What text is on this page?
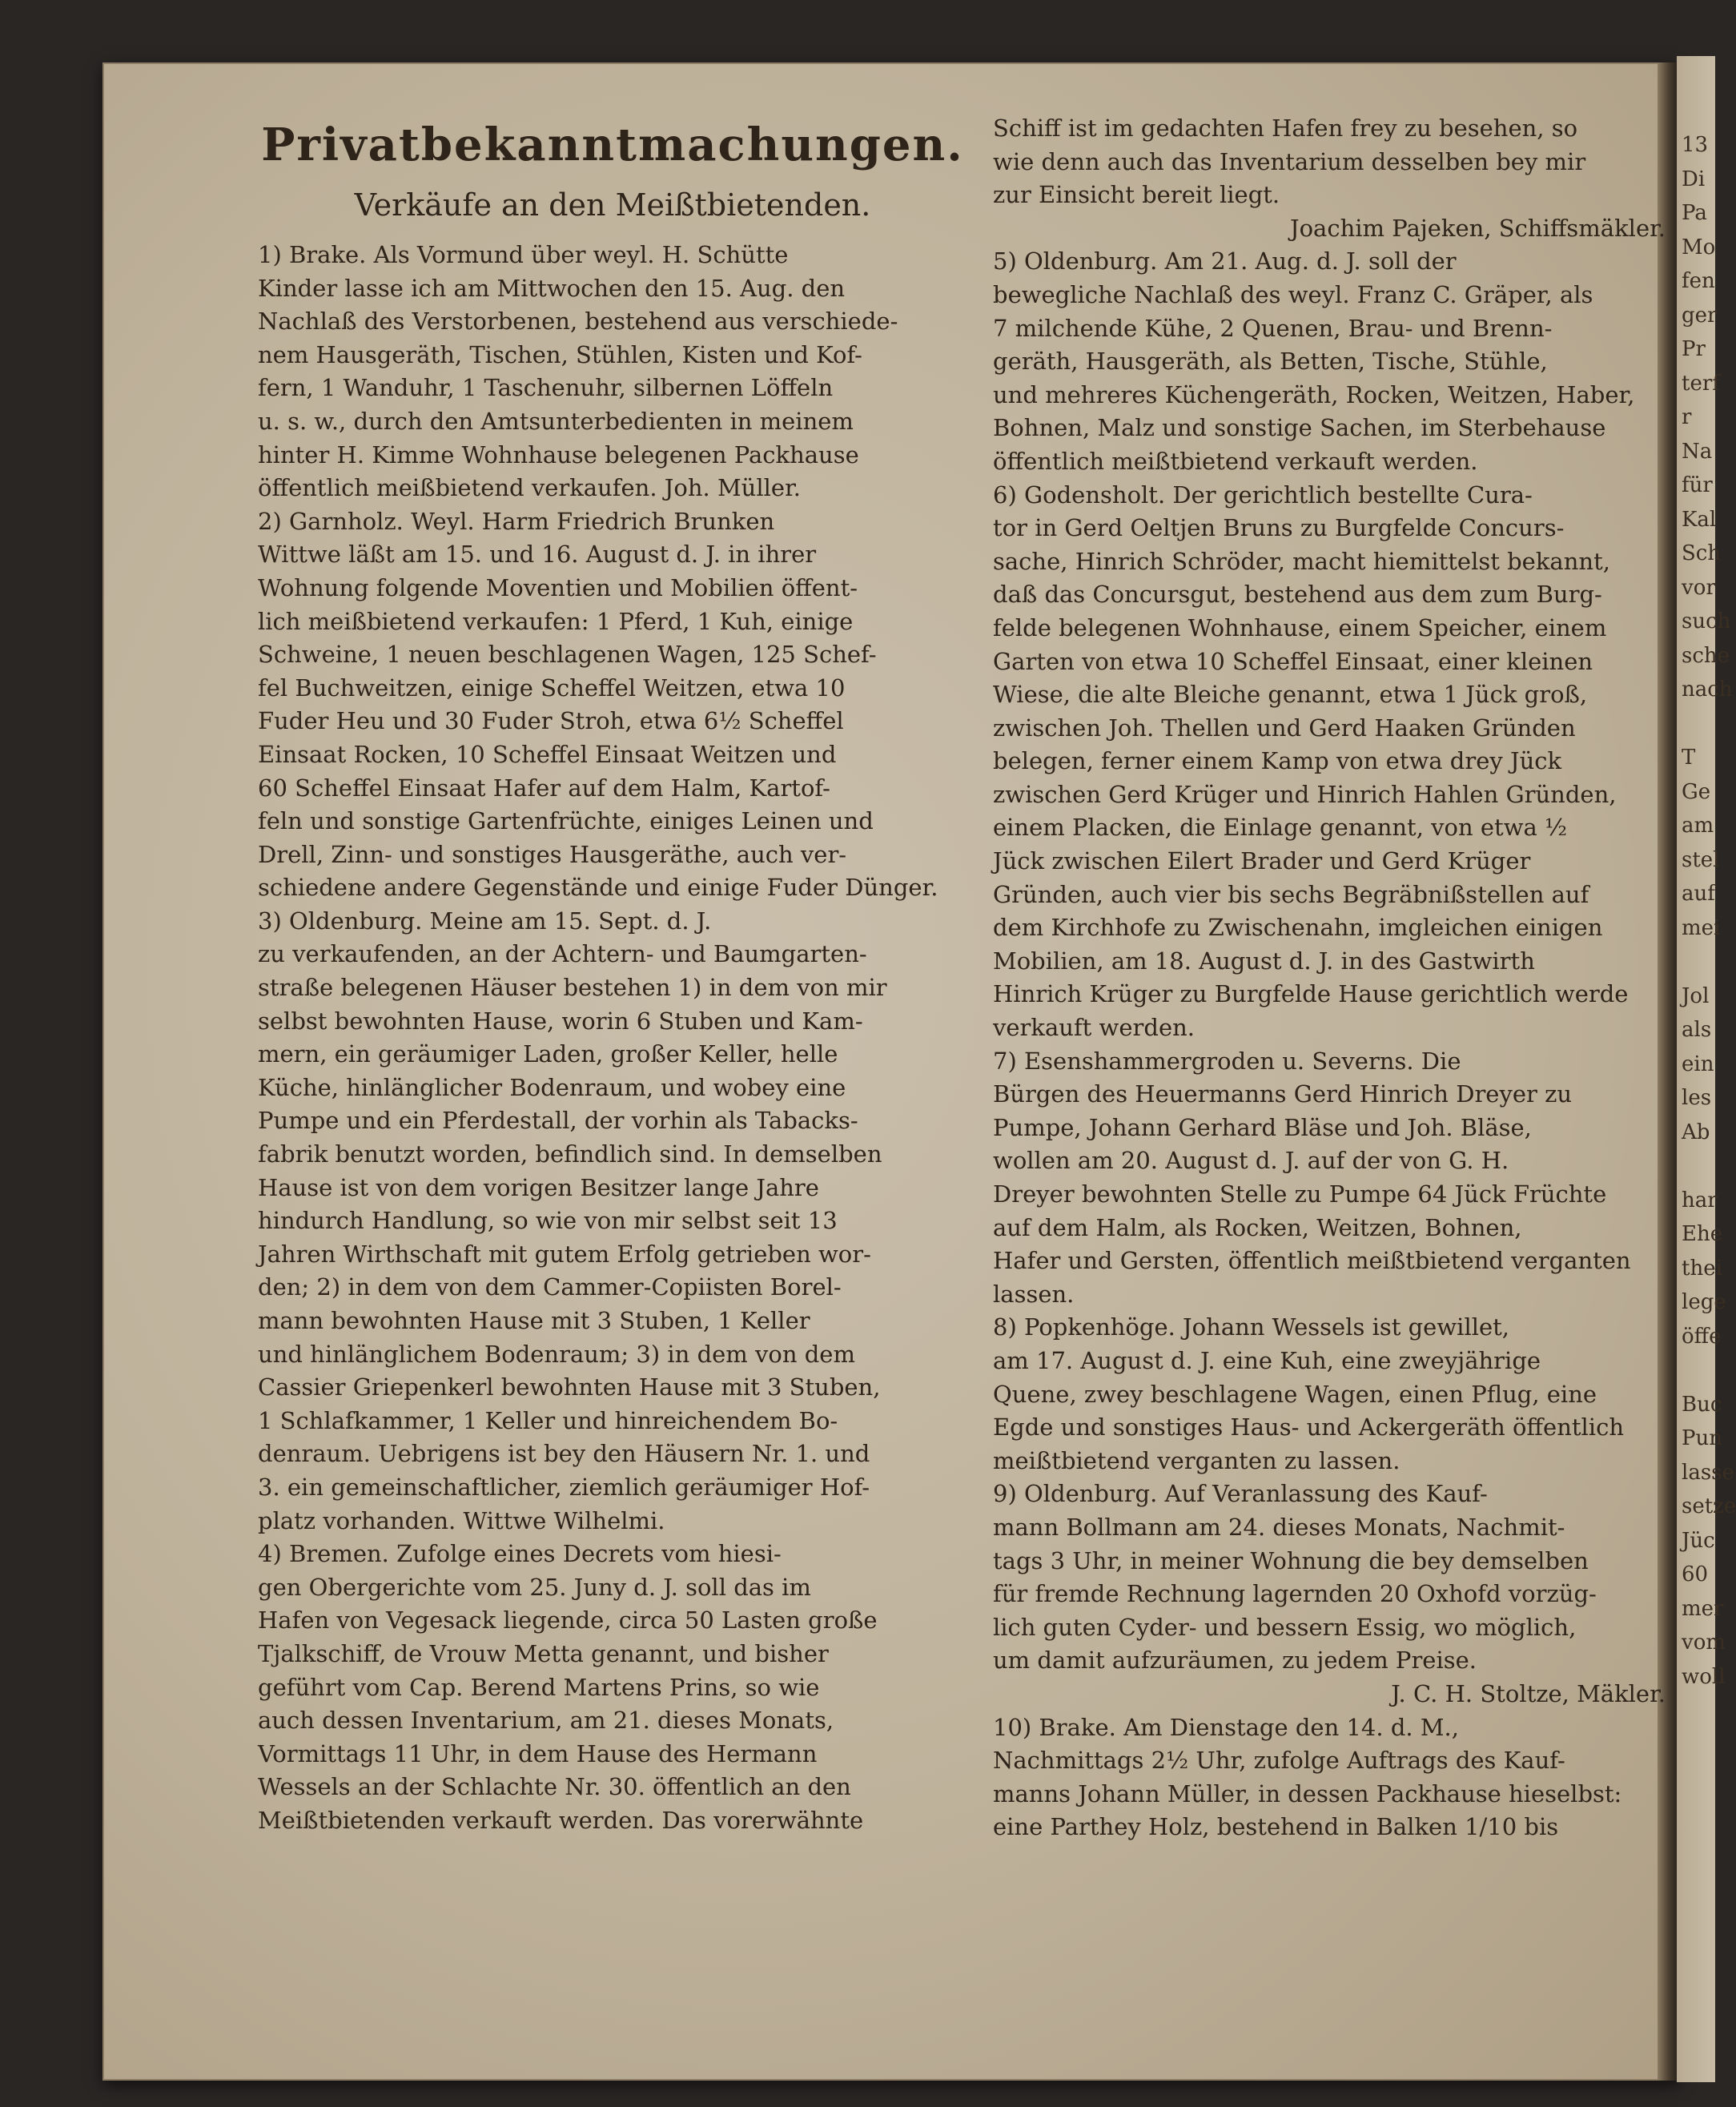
13
Di
Pa
Mo
fen
ger
Pr
terf
r
Na
für
Kal
Sch
vor
such
sche
nach

T
Ge
am
stel
auf
mei

Jol
als
ein
les
Ab

har
Ehe
thei
lege
öffe

Buc
Pun
lasse
setze
Jüc
60
mer
vom
woll
Privatbekanntmachungen.
Verkäufe an den Meißtbietenden.
1) Brake. Als Vormund über weyl. H. Schütte
Kinder lasse ich am Mittwochen den 15. Aug. den
Nachlaß des Verstorbenen, bestehend aus verschiede-
nem Hausgeräth, Tischen, Stühlen, Kisten und Kof-
fern, 1 Wanduhr, 1 Taschenuhr, silbernen Löffeln
u. s. w., durch den Amtsunterbedienten in meinem
hinter H. Kimme Wohnhause belegenen Packhause
öffentlich meißbietend verkaufen. Joh. Müller.
2) Garnholz. Weyl. Harm Friedrich Brunken
Wittwe läßt am 15. und 16. August d. J. in ihrer
Wohnung folgende Moventien und Mobilien öffent-
lich meißbietend verkaufen: 1 Pferd, 1 Kuh, einige
Schweine, 1 neuen beschlagenen Wagen, 125 Schef-
fel Buchweitzen, einige Scheffel Weitzen, etwa 10
Fuder Heu und 30 Fuder Stroh, etwa 6½ Scheffel
Einsaat Rocken, 10 Scheffel Einsaat Weitzen und
60 Scheffel Einsaat Hafer auf dem Halm, Kartof-
feln und sonstige Gartenfrüchte, einiges Leinen und
Drell, Zinn- und sonstiges Hausgeräthe, auch ver-
schiedene andere Gegenstände und einige Fuder Dünger.
3) Oldenburg. Meine am 15. Sept. d. J.
zu verkaufenden, an der Achtern- und Baumgarten-
straße belegenen Häuser bestehen 1) in dem von mir
selbst bewohnten Hause, worin 6 Stuben und Kam-
mern, ein geräumiger Laden, großer Keller, helle
Küche, hinlänglicher Bodenraum, und wobey eine
Pumpe und ein Pferdestall, der vorhin als Tabacks-
fabrik benutzt worden, befindlich sind. In demselben
Hause ist von dem vorigen Besitzer lange Jahre
hindurch Handlung, so wie von mir selbst seit 13
Jahren Wirthschaft mit gutem Erfolg getrieben wor-
den; 2) in dem von dem Cammer-Copiisten Borel-
mann bewohnten Hause mit 3 Stuben, 1 Keller
und hinlänglichem Bodenraum; 3) in dem von dem
Cassier Griepenkerl bewohnten Hause mit 3 Stuben,
1 Schlafkammer, 1 Keller und hinreichendem Bo-
denraum. Uebrigens ist bey den Häusern Nr. 1. und
3. ein gemeinschaftlicher, ziemlich geräumiger Hof-
platz vorhanden. Wittwe Wilhelmi.
4) Bremen. Zufolge eines Decrets vom hiesi-
gen Obergerichte vom 25. Juny d. J. soll das im
Hafen von Vegesack liegende, circa 50 Lasten große
Tjalkschiff, de Vrouw Metta genannt, und bisher
geführt vom Cap. Berend Martens Prins, so wie
auch dessen Inventarium, am 21. dieses Monats,
Vormittags 11 Uhr, in dem Hause des Hermann
Wessels an der Schlachte Nr. 30. öffentlich an den
Meißtbietenden verkauft werden. Das vorerwähnte
Schiff ist im gedachten Hafen frey zu besehen, so
wie denn auch das Inventarium desselben bey mir
zur Einsicht bereit liegt.
Joachim Pajeken, Schiffsmäkler.
5) Oldenburg. Am 21. Aug. d. J. soll der
bewegliche Nachlaß des weyl. Franz C. Gräper, als
7 milchende Kühe, 2 Quenen, Brau- und Brenn-
geräth, Hausgeräth, als Betten, Tische, Stühle,
und mehreres Küchengeräth, Rocken, Weitzen, Haber,
Bohnen, Malz und sonstige Sachen, im Sterbehause
öffentlich meißtbietend verkauft werden.
6) Godensholt. Der gerichtlich bestellte Cura-
tor in Gerd Oeltjen Bruns zu Burgfelde Concurs-
sache, Hinrich Schröder, macht hiemittelst bekannt,
daß das Concursgut, bestehend aus dem zum Burg-
felde belegenen Wohnhause, einem Speicher, einem
Garten von etwa 10 Scheffel Einsaat, einer kleinen
Wiese, die alte Bleiche genannt, etwa 1 Jück groß,
zwischen Joh. Thellen und Gerd Haaken Gründen
belegen, ferner einem Kamp von etwa drey Jück
zwischen Gerd Krüger und Hinrich Hahlen Gründen,
einem Placken, die Einlage genannt, von etwa ½
Jück zwischen Eilert Brader und Gerd Krüger
Gründen, auch vier bis sechs Begräbnißstellen auf
dem Kirchhofe zu Zwischenahn, imgleichen einigen
Mobilien, am 18. August d. J. in des Gastwirth
Hinrich Krüger zu Burgfelde Hause gerichtlich werde
verkauft werden.
7) Esenshammergroden u. Severns. Die
Bürgen des Heuermanns Gerd Hinrich Dreyer zu
Pumpe, Johann Gerhard Bläse und Joh. Bläse,
wollen am 20. August d. J. auf der von G. H.
Dreyer bewohnten Stelle zu Pumpe 64 Jück Früchte
auf dem Halm, als Rocken, Weitzen, Bohnen,
Hafer und Gersten, öffentlich meißtbietend verganten
lassen.
8) Popkenhöge. Johann Wessels ist gewillet,
am 17. August d. J. eine Kuh, eine zweyjährige
Quene, zwey beschlagene Wagen, einen Pflug, eine
Egde und sonstiges Haus- und Ackergeräth öffentlich
meißtbietend verganten zu lassen.
9) Oldenburg. Auf Veranlassung des Kauf-
mann Bollmann am 24. dieses Monats, Nachmit-
tags 3 Uhr, in meiner Wohnung die bey demselben
für fremde Rechnung lagernden 20 Oxhofd vorzüg-
lich guten Cyder- und bessern Essig, wo möglich,
um damit aufzuräumen, zu jedem Preise.
J. C. H. Stoltze, Mäkler.
10) Brake. Am Dienstage den 14. d. M.,
Nachmittags 2½ Uhr, zufolge Auftrags des Kauf-
manns Johann Müller, in dessen Packhause hieselbst:
eine Parthey Holz, bestehend in Balken 1/10 bis
